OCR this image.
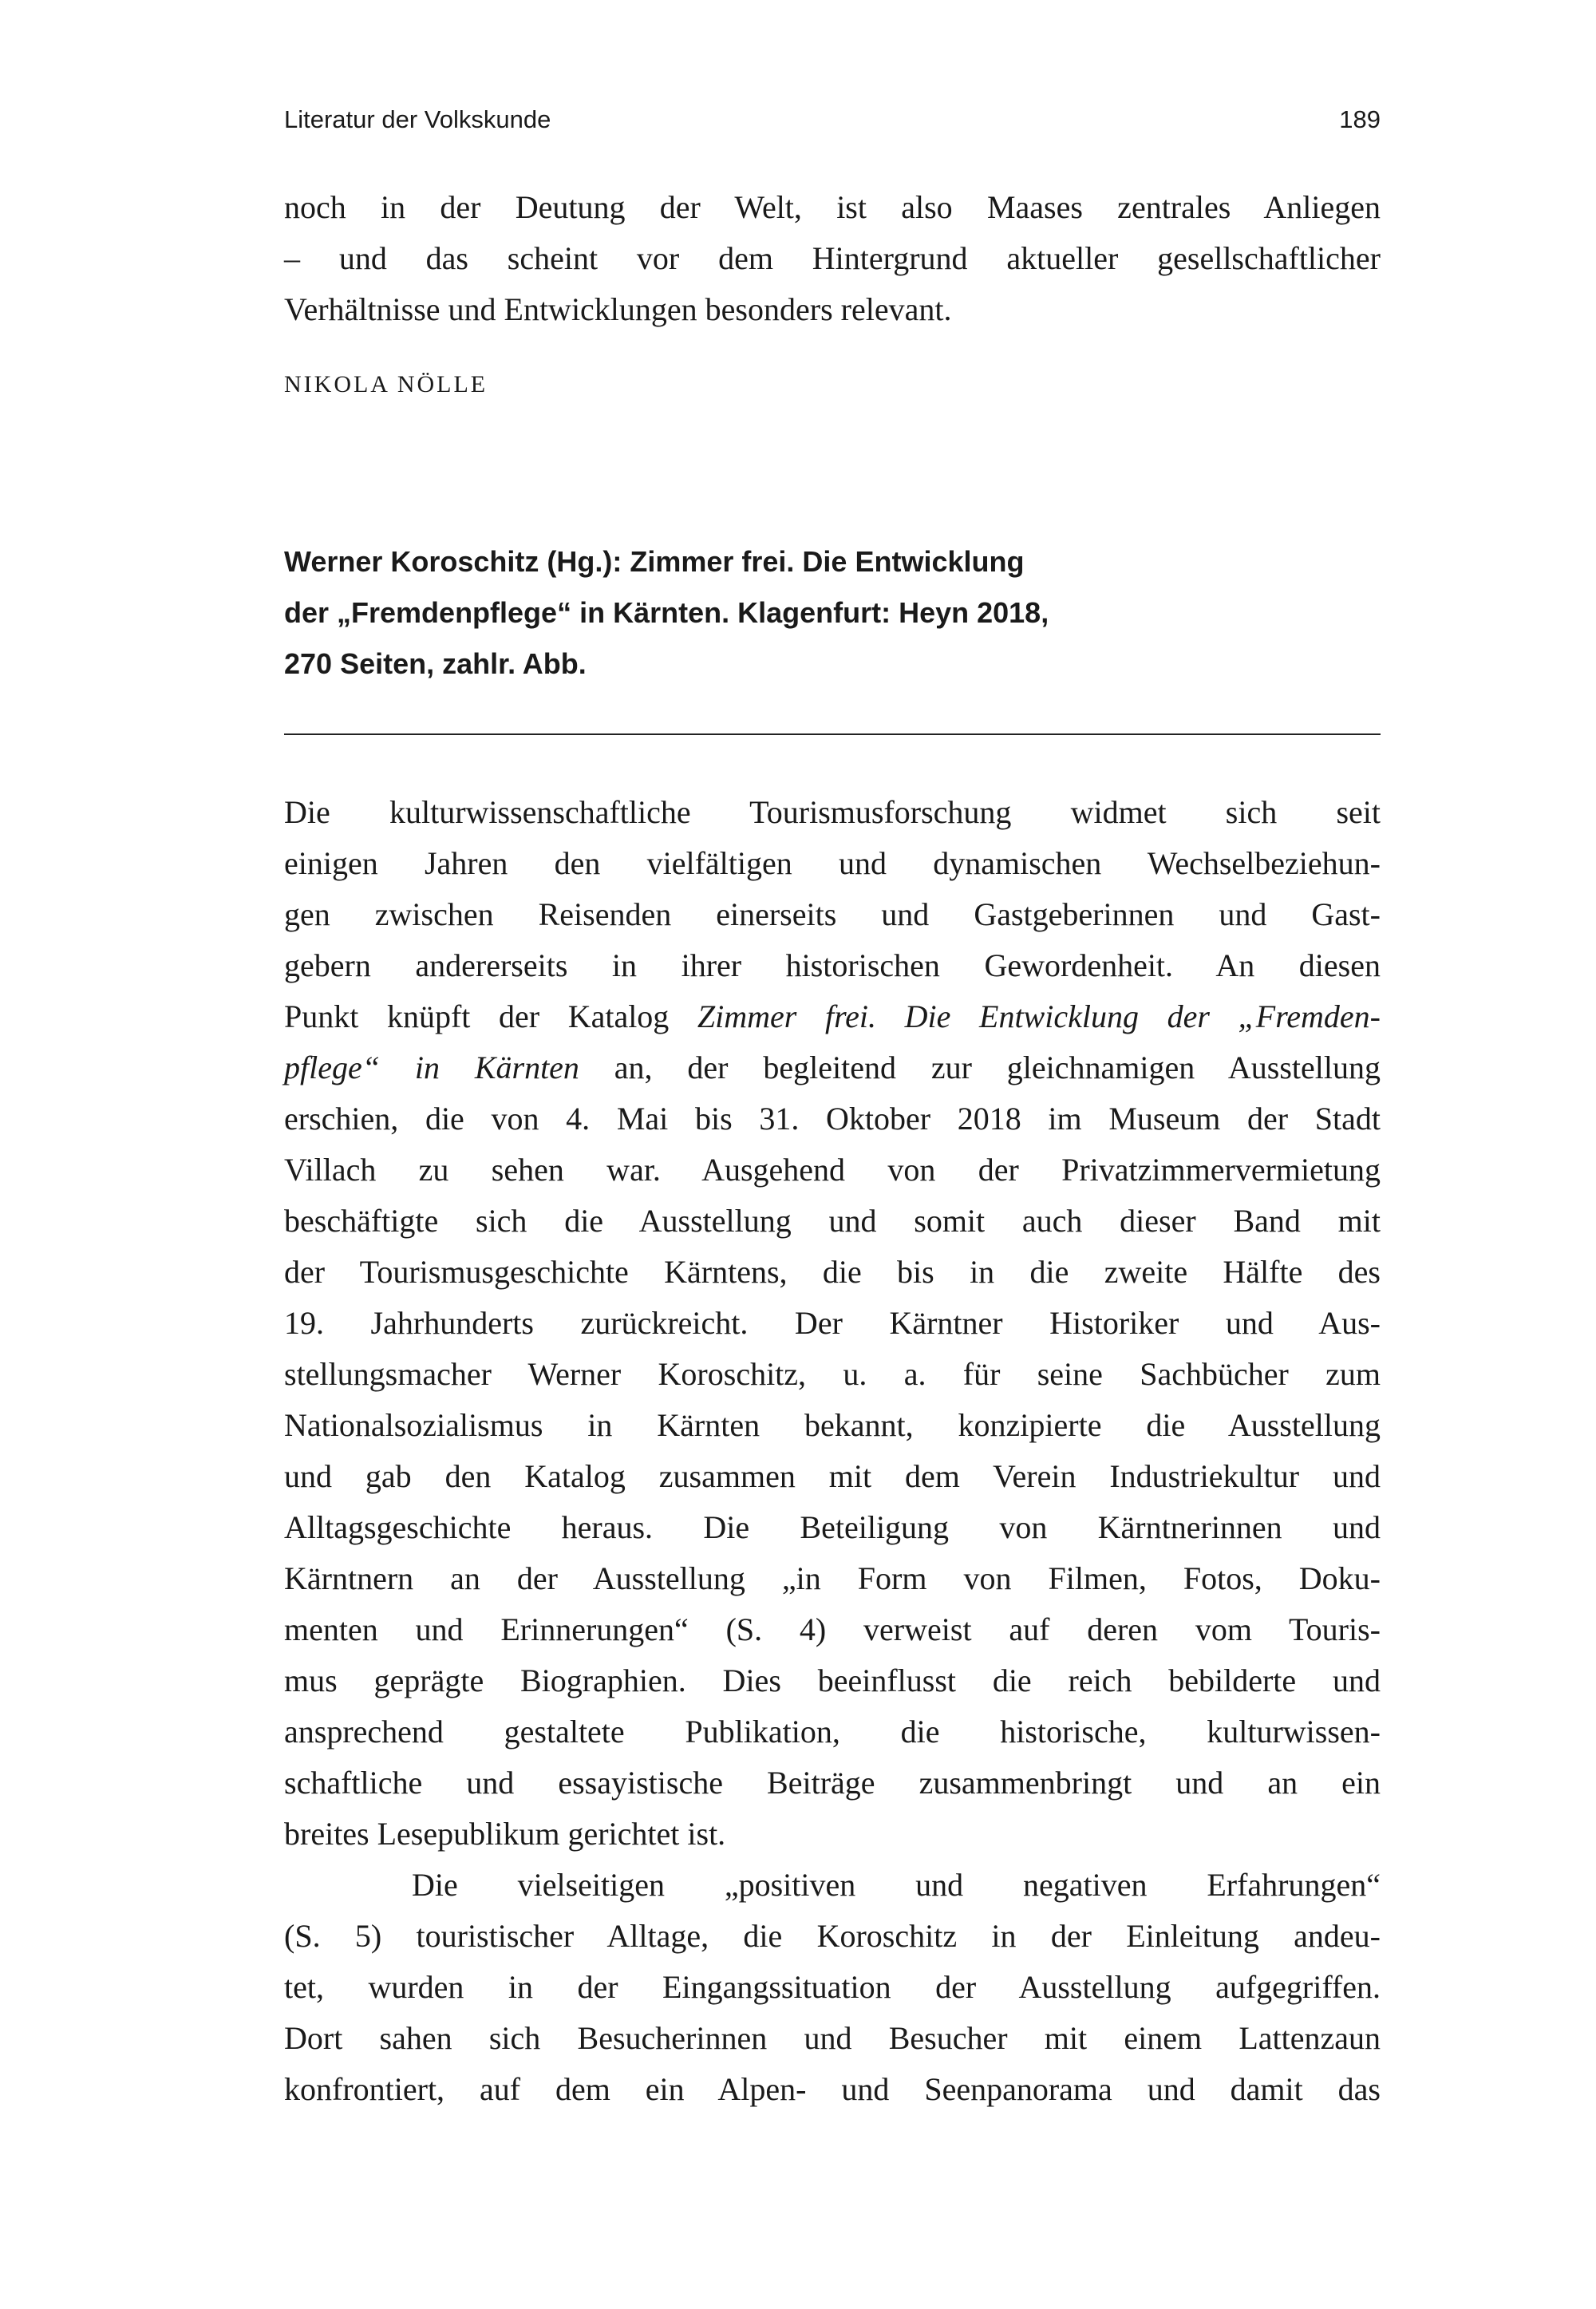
Literatur der Volkskunde	189
noch in der Deutung der Welt, ist also Maases zentrales Anliegen
– und das scheint vor dem Hintergrund aktueller gesellschaftlicher
Verhältnisse und Entwicklungen besonders relevant.
NIKOLA NÖLLE
Werner Koroschitz (Hg.): Zimmer frei. Die Entwicklung
der „Fremdenpflege“ in Kärnten. Klagenfurt: Heyn 2018,
270 Seiten, zahlr. Abb.
Die kulturwissenschaftliche Tourismusforschung widmet sich seit
einigen Jahren den vielfältigen und dynamischen Wechselbeziehun-
gen zwischen Reisenden einerseits und Gastgeberinnen und Gast-
gebern andererseits in ihrer historischen Gewordenheit. An diesen
Punkt knüpft der Katalog Zimmer frei. Die Entwicklung der „Fremden-
pflege“ in Kärnten an, der begleitend zur gleichnamigen Ausstellung
erschien, die von 4. Mai bis 31. Oktober 2018 im Museum der Stadt
Villach zu sehen war. Ausgehend von der Privatzimmervermietung
beschäftigte sich die Ausstellung und somit auch dieser Band mit
der Tourismusgeschichte Kärntens, die bis in die zweite Hälfte des
19. Jahrhunderts zurückreicht. Der Kärntner Historiker und Aus-
stellungsmacher Werner Koroschitz, u. a. für seine Sachbücher zum
Nationalsozialismus in Kärnten bekannt, konzipierte die Ausstellung
und gab den Katalog zusammen mit dem Verein Industriekultur und
Alltagsgeschichte heraus. Die Beteiligung von Kärntnerinnen und
Kärntnern an der Ausstellung „in Form von Filmen, Fotos, Doku-
menten und Erinnerungen“ (S. 4) verweist auf deren vom Touris-
mus geprägte Biographien. Dies beeinflusst die reich bebilderte und
ansprechend gestaltete Publikation, die historische, kulturwissen-
schaftliche und essayistische Beiträge zusammenbringt und an ein
breites Lesepublikum gerichtet ist.
Die vielseitigen „positiven und negativen Erfahrungen“
(S. 5) touristischer Alltage, die Koroschitz in der Einleitung andeu-
tet, wurden in der Eingangssituation der Ausstellung aufgegriffen.
Dort sahen sich Besucherinnen und Besucher mit einem Lattenzaun
konfrontiert, auf dem ein Alpen- und Seenpanorama und damit das
